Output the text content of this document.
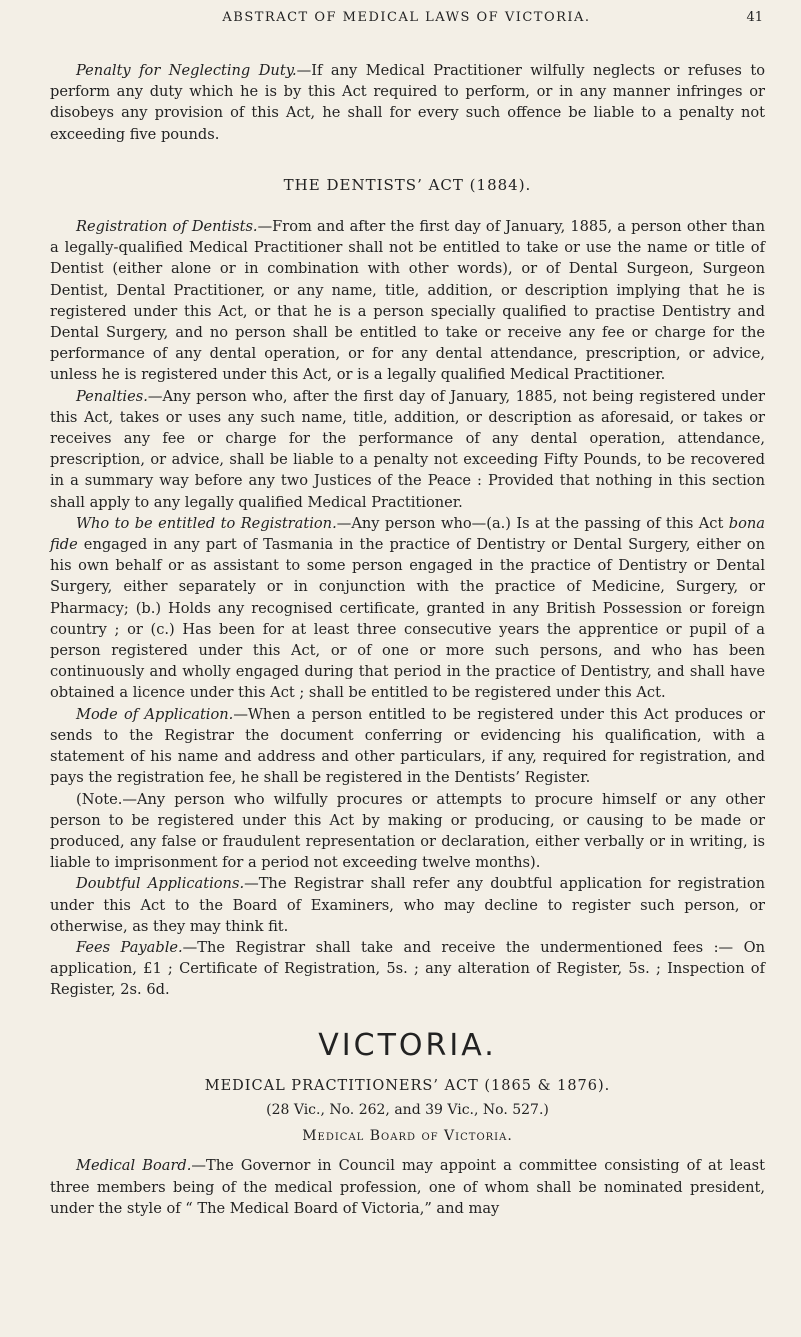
ABSTRACT OF MEDICAL LAWS OF VICTORIA.	41

Penalty for Neglecting Duty.—If any Medical Practitioner wilfully neglects or refuses to perform any duty which he is by this Act required to perform, or in any manner infringes or disobeys any provision of this Act, he shall for every such offence be liable to a penalty not exceeding five pounds.

THE DENTISTS’ ACT (1884).

Registration of Dentists.—From and after the first day of January, 1885, a person other than a legally-qualified Medical Practitioner shall not be entitled to take or use the name or title of Dentist (either alone or in combination with other words), or of Dental Surgeon, Surgeon Dentist, Dental Practitioner, or any name, title, addition, or description implying that he is registered under this Act, or that he is a person specially qualified to practise Dentistry and Dental Surgery, and no person shall be entitled to take or receive any fee or charge for the performance of any dental operation, or for any dental attendance, prescription, or advice, unless he is registered under this Act, or is a legally qualified Medical Practitioner.

Penalties.—Any person who, after the first day of January, 1885, not being registered under this Act, takes or uses any such name, title, addition, or description as aforesaid, or takes or receives any fee or charge for the performance of any dental operation, attendance, prescription, or advice, shall be liable to a penalty not exceeding Fifty Pounds, to be recovered in a summary way before any two Justices of the Peace : Provided that nothing in this section shall apply to any legally qualified Medical Practitioner.

Who to be entitled to Registration.—Any person who—(a.) Is at the passing of this Act bona fide engaged in any part of Tasmania in the practice of Dentistry or Dental Surgery, either on his own behalf or as assistant to some person engaged in the practice of Dentistry or Dental Surgery, either separately or in conjunction with the practice of Medicine, Surgery, or Pharmacy; (b.) Holds any recognised certificate, granted in any British Possession or foreign country ; or (c.) Has been for at least three consecutive years the apprentice or pupil of a person registered under this Act, or of one or more such persons, and who has been continuously and wholly engaged during that period in the practice of Dentistry, and shall have obtained a licence under this Act ; shall be entitled to be registered under this Act.

Mode of Application.—When a person entitled to be registered under this Act produces or sends to the Registrar the document conferring or evidencing his qualification, with a statement of his name and address and other particulars, if any, required for registration, and pays the registration fee, he shall be registered in the Dentists’ Register.

(Note.—Any person who wilfully procures or attempts to procure himself or any other person to be registered under this Act by making or producing, or causing to be made or produced, any false or fraudulent representation or declaration, either verbally or in writing, is liable to imprisonment for a period not exceeding twelve months).

Doubtful Applications.—The Registrar shall refer any doubtful application for registration under this Act to the Board of Examiners, who may decline to register such person, or otherwise, as they may think fit.

Fees Payable.—The Registrar shall take and receive the undermentioned fees :— On application, £1 ; Certificate of Registration, 5s. ; any alteration of Register, 5s. ; Inspection of Register, 2s. 6d.

VICTORIA.

MEDICAL PRACTITIONERS’ ACT (1865 & 1876).

(28 Vic., No. 262, and 39 Vic., No. 527.)

Medical Board of Victoria.

Medical Board.—The Governor in Council may appoint a committee consisting of at least three members being of the medical profession, one of whom shall be nominated president, under the style of “ The Medical Board of Victoria,” and may
